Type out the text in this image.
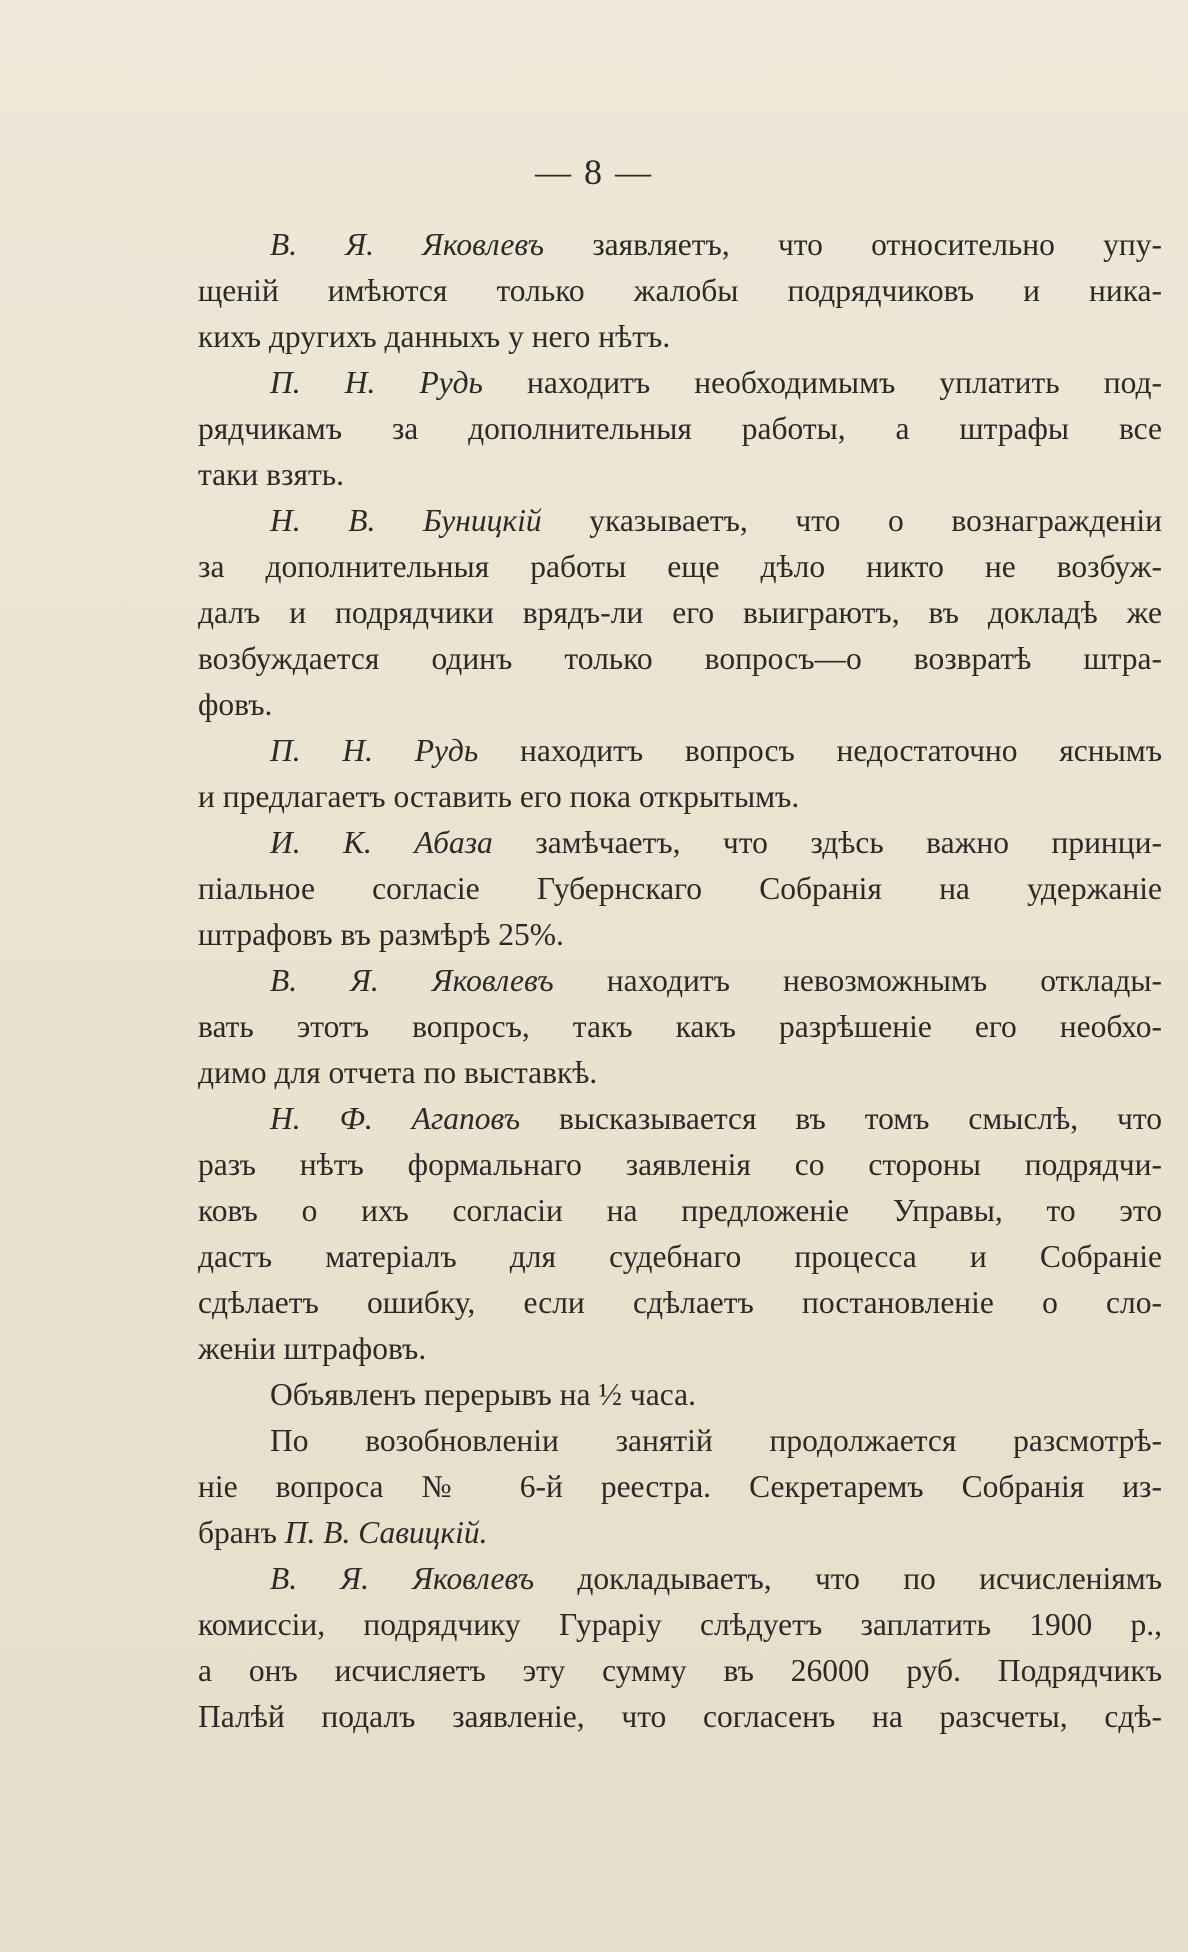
— 8 —
В. Я. Яковлевъ заявляетъ, что относительно упу-
щеній имѣются только жалобы подрядчиковъ и ника-
кихъ другихъ данныхъ у него нѣтъ.
П. Н. Рудь находитъ необходимымъ уплатить под-
рядчикамъ за дополнительныя работы, а штрафы все
таки взять.
Н. В. Буницкій указываетъ, что о вознагражденіи
за дополнительныя работы еще дѣло никто не возбуж-
далъ и подрядчики врядъ-ли его выиграютъ, въ докладѣ же
возбуждается одинъ только вопросъ—о возвратѣ штра-
фовъ.
П. Н. Рудь находитъ вопросъ недостаточно яснымъ
и предлагаетъ оставить его пока открытымъ.
И. К. Абаза замѣчаетъ, что здѣсь важно принци-
піальное согласіе Губернскаго Собранія на удержаніе
штрафовъ въ размѣрѣ 25%.
В. Я. Яковлевъ находитъ невозможнымъ отклады-
вать этотъ вопросъ, такъ какъ разрѣшеніе его необхо-
димо для отчета по выставкѣ.
Н. Ф. Агаповъ высказывается въ томъ смыслѣ, что
разъ нѣтъ формальнаго заявленія со стороны подрядчи-
ковъ о ихъ согласіи на предложеніе Управы, то это
дастъ матеріалъ для судебнаго процесса и Собраніе
сдѣлаетъ ошибку, если сдѣлаетъ постановленіе о сло-
женіи штрафовъ.
Объявленъ перерывъ на ½ часа.
По возобновленіи занятій продолжается разсмотрѣ-
ніе вопроса № 6-й реестра. Секретаремъ Собранія из-
бранъ П. В. Савицкій.
В. Я. Яковлевъ докладываетъ, что по исчисленіямъ
комиссіи, подрядчику Гураріу слѣдуетъ заплатить 1900 р.,
а онъ исчисляетъ эту сумму въ 26000 руб. Подрядчикъ
Палѣй подалъ заявленіе, что согласенъ на разсчеты, сдѣ-
